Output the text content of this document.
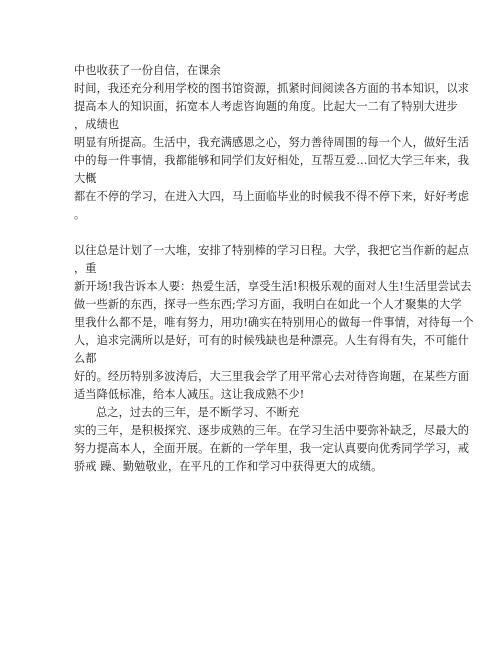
中也收获了一份自信，在课余
时间，我还充分利用学校的图书馆资源，抓紧时间阅读各方面的书本知识，以求
提高本人的知识面，拓宽本人考虑咨询题的角度。比起大一二有了特别大进步
，成绩也
明显有所提高。生活中，我充满感恩之心，努力善待周围的每一个人，做好生活
中的每一件事情，我都能够和同学们友好相处，互帮互爱…回忆大学三年来，我
大概
都在不停的学习，在进入大四，马上面临毕业的时候我不得不停下来，好好考虑
。
以往总是计划了一大堆，安排了特别棒的学习日程。大学，我把它当作新的起点
，重
新开场!我告诉本人要：热爱生活，享受生活!积极乐观的面对人生!生活里尝试去
做一些新的东西，探寻一些东西;学习方面，我明白在如此一个人才聚集的大学
里我什么都不是，唯有努力，用功!确实在特别用心的做每一件事情，对待每一个
人，追求完满所以是好，可有的时候残缺也是种漂亮。人生有得有失，不可能什
么都
好的。经历特别多波涛后，大三里我会学了用平常心去对待咨询题，在某些方面
适当降低标准，给本人减压。这让我成熟不少!
总之，过去的三年，是不断学习、不断充
实的三年，是积极探究、逐步成熟的三年。在学习生活中要弥补缺乏，尽最大的
努力提高本人，全面开展。在新的一学年里，我一定认真要向优秀同学学习，戒
骄戒 躁、勤勉敬业，在平凡的工作和学习中获得更大的成绩。
